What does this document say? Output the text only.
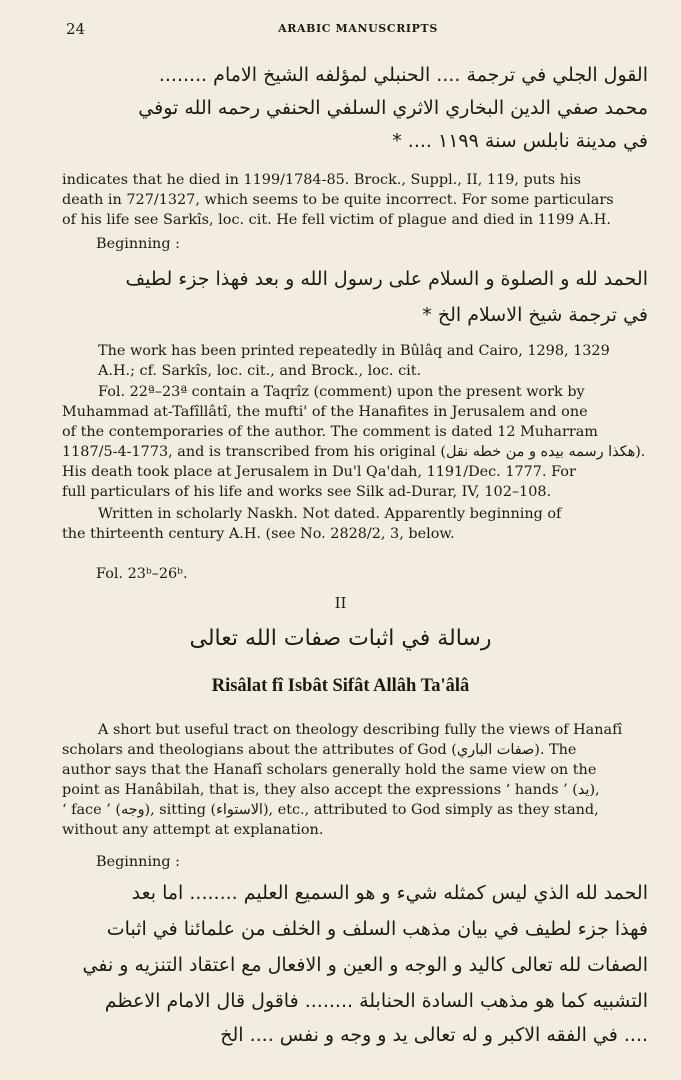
24	ARABIC MANUSCRIPTS
القول الجلي في ترجمة .... الحنبلي لمؤلفه الشيخ الامام ........
محمد صفي الدين البخاري الاثري السلفي الحنفي رحمه الله توفي
في مدينة نابلس سنة ١١٩٩ .... *
indicates that he died in 1199/1784-85. Brock., Suppl., II, 119, puts his
death in 727/1327, which seems to be quite incorrect. For some particulars
of his life see Sarkîs, loc. cit. He fell victim of plague and died in 1199 A.H.
Beginning :
الحمد لله و الصلوة و السلام على رسول الله و بعد فهذا جزء لطيف
في ترجمة شيخ الاسلام الخ *
The work has been printed repeatedly in Bûlâq and Cairo, 1298, 1329
A.H.; cf. Sarkîs, loc. cit., and Brock., loc. cit.
Fol. 22ª–23ª contain a Taqrîz (comment) upon the present work by
Muhammad at-Tafîllâtî, the mufti' of the Hanafites in Jerusalem and one
of the contemporaries of the author. The comment is dated 12 Muharram
1187/5-4-1773, and is transcribed from his original (هكذا رسمه بيده و من خطه نقل).
His death took place at Jerusalem in Du'l Qa'dah, 1191/Dec. 1777. For
full particulars of his life and works see Silk ad-Durar, IV, 102–108.
Written in scholarly Naskh. Not dated. Apparently beginning of
the thirteenth century A.H. (see No. 2828/2, 3, below.
Fol. 23ᵇ–26ᵇ.
II
رسالة في اثبات صفات الله تعالى
Risâlat fî Isbât Sifât Allâh Ta'âlâ
A short but useful tract on theology describing fully the views of Hanafî
scholars and theologians about the attributes of God (صفات الباري). The
author says that the Hanafî scholars generally hold the same view on the
point as Hanâbilah, that is, they also accept the expressions ‘ hands ’ (يد),
‘ face ’ (وجه), sitting (الاستواء), etc., attributed to God simply as they stand,
without any attempt at explanation.
Beginning :
الحمد لله الذي ليس كمثله شيء و هو السميع العليم ........ اما بعد
فهذا جزء لطيف في بيان مذهب السلف و الخلف من علمائنا في اثبات
الصفات لله تعالى كاليد و الوجه و العين و الافعال مع اعتقاد التنزيه و نفي
التشبيه كما هو مذهب السادة الحنابلة ........ فاقول قال الامام الاعظم
.... في الفقه الاكبر و له تعالى يد و وجه و نفس .... الخ
